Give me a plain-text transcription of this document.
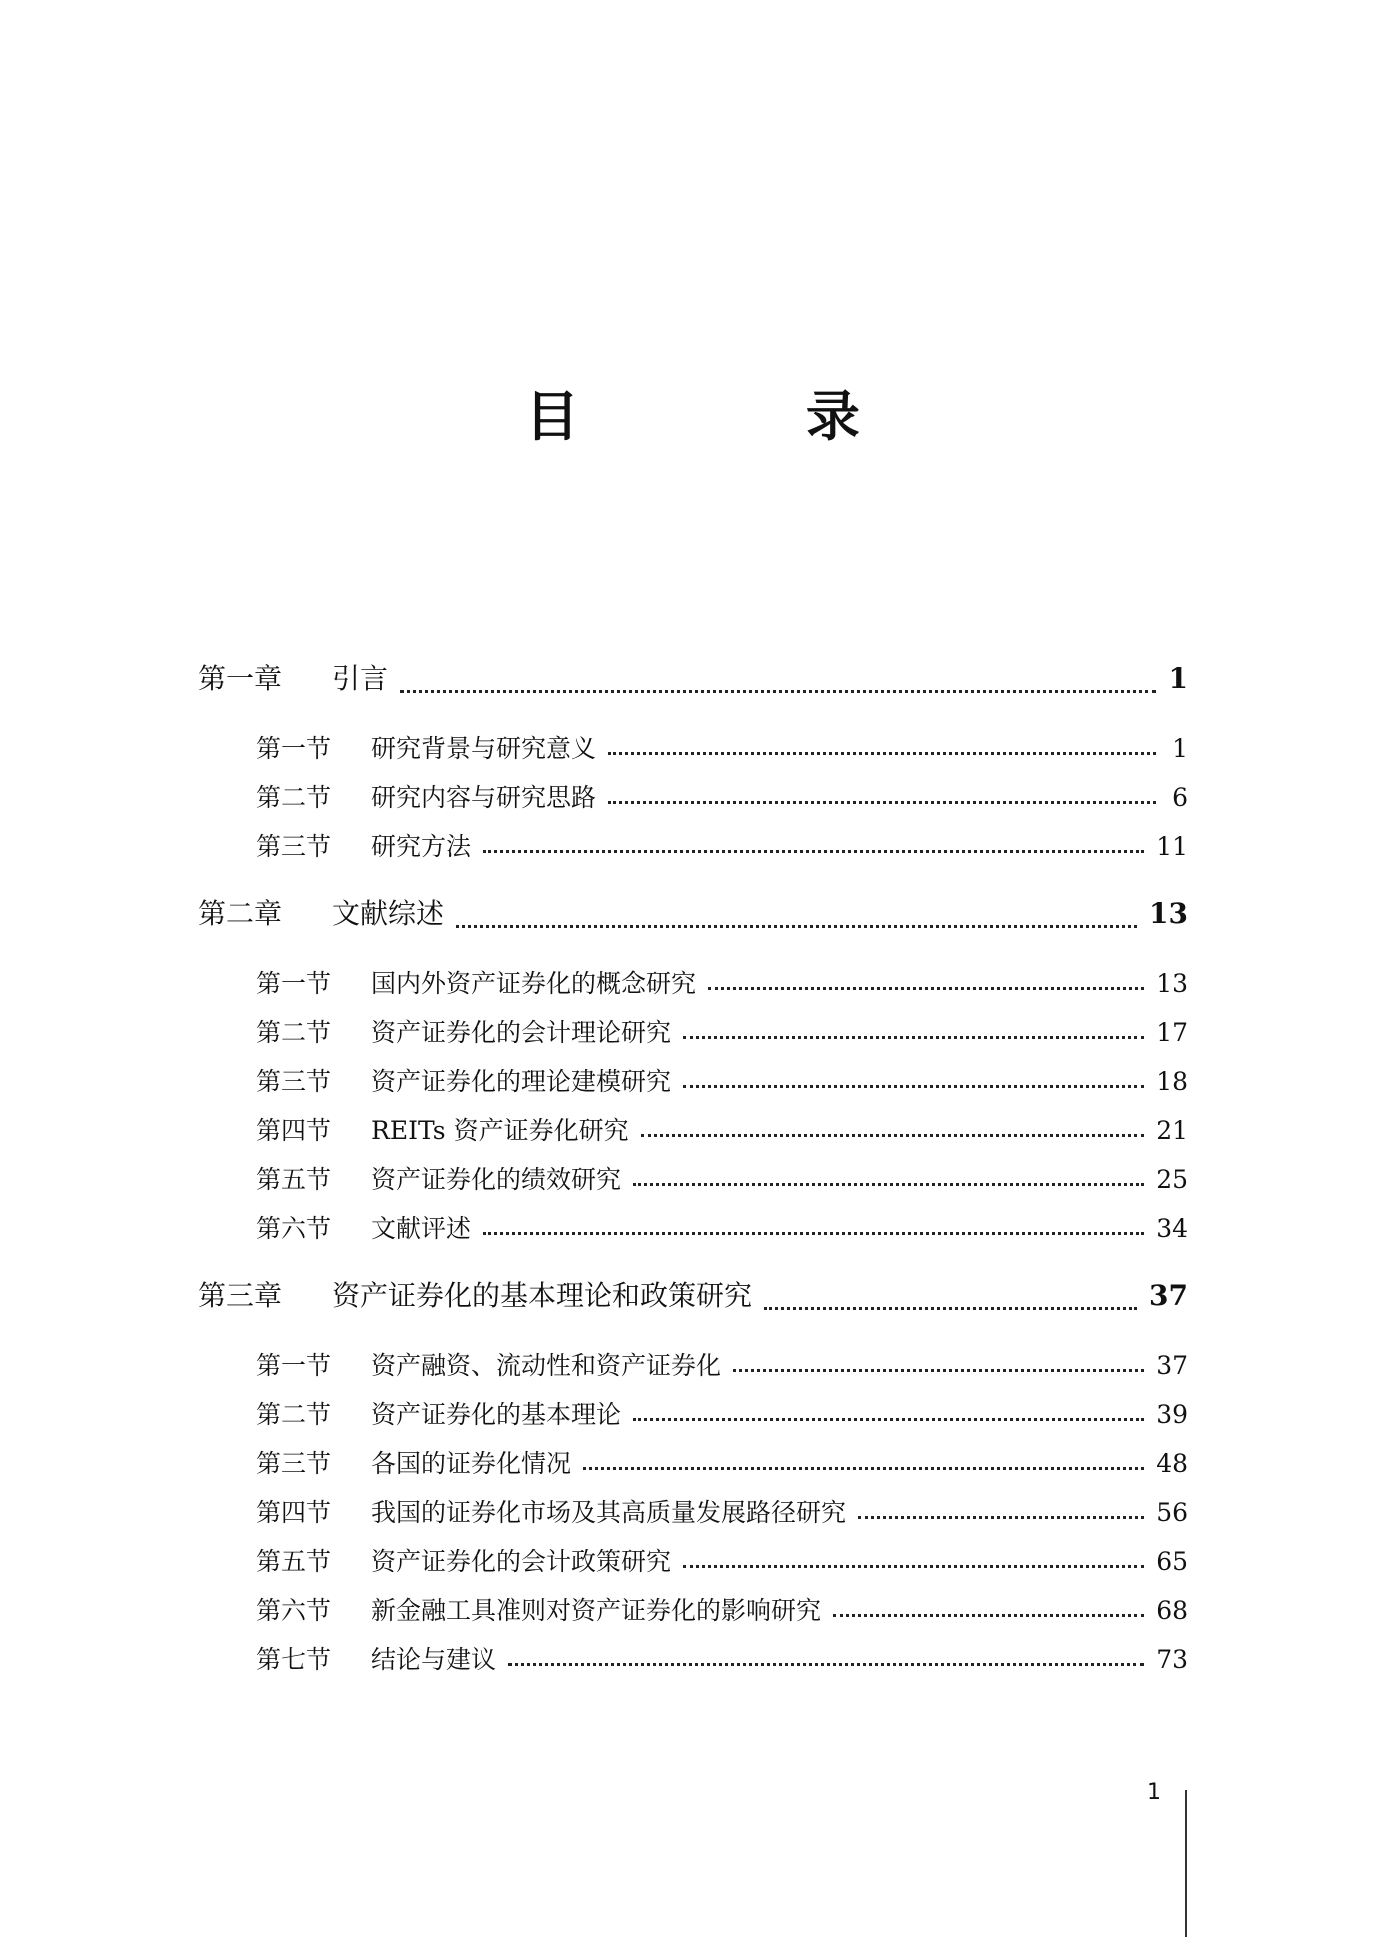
目 录
第一章	引言	1
第一节	研究背景与研究意义	1
第二节	研究内容与研究思路	6
第三节	研究方法	11
第二章	文献综述	13
第一节	国内外资产证券化的概念研究	13
第二节	资产证券化的会计理论研究	17
第三节	资产证券化的理论建模研究	18
第四节	REITs 资产证券化研究	21
第五节	资产证券化的绩效研究	25
第六节	文献评述	34
第三章	资产证券化的基本理论和政策研究	37
第一节	资产融资、流动性和资产证券化	37
第二节	资产证券化的基本理论	39
第三节	各国的证券化情况	48
第四节	我国的证券化市场及其高质量发展路径研究	56
第五节	资产证券化的会计政策研究	65
第六节	新金融工具准则对资产证券化的影响研究	68
第七节	结论与建议	73
1
